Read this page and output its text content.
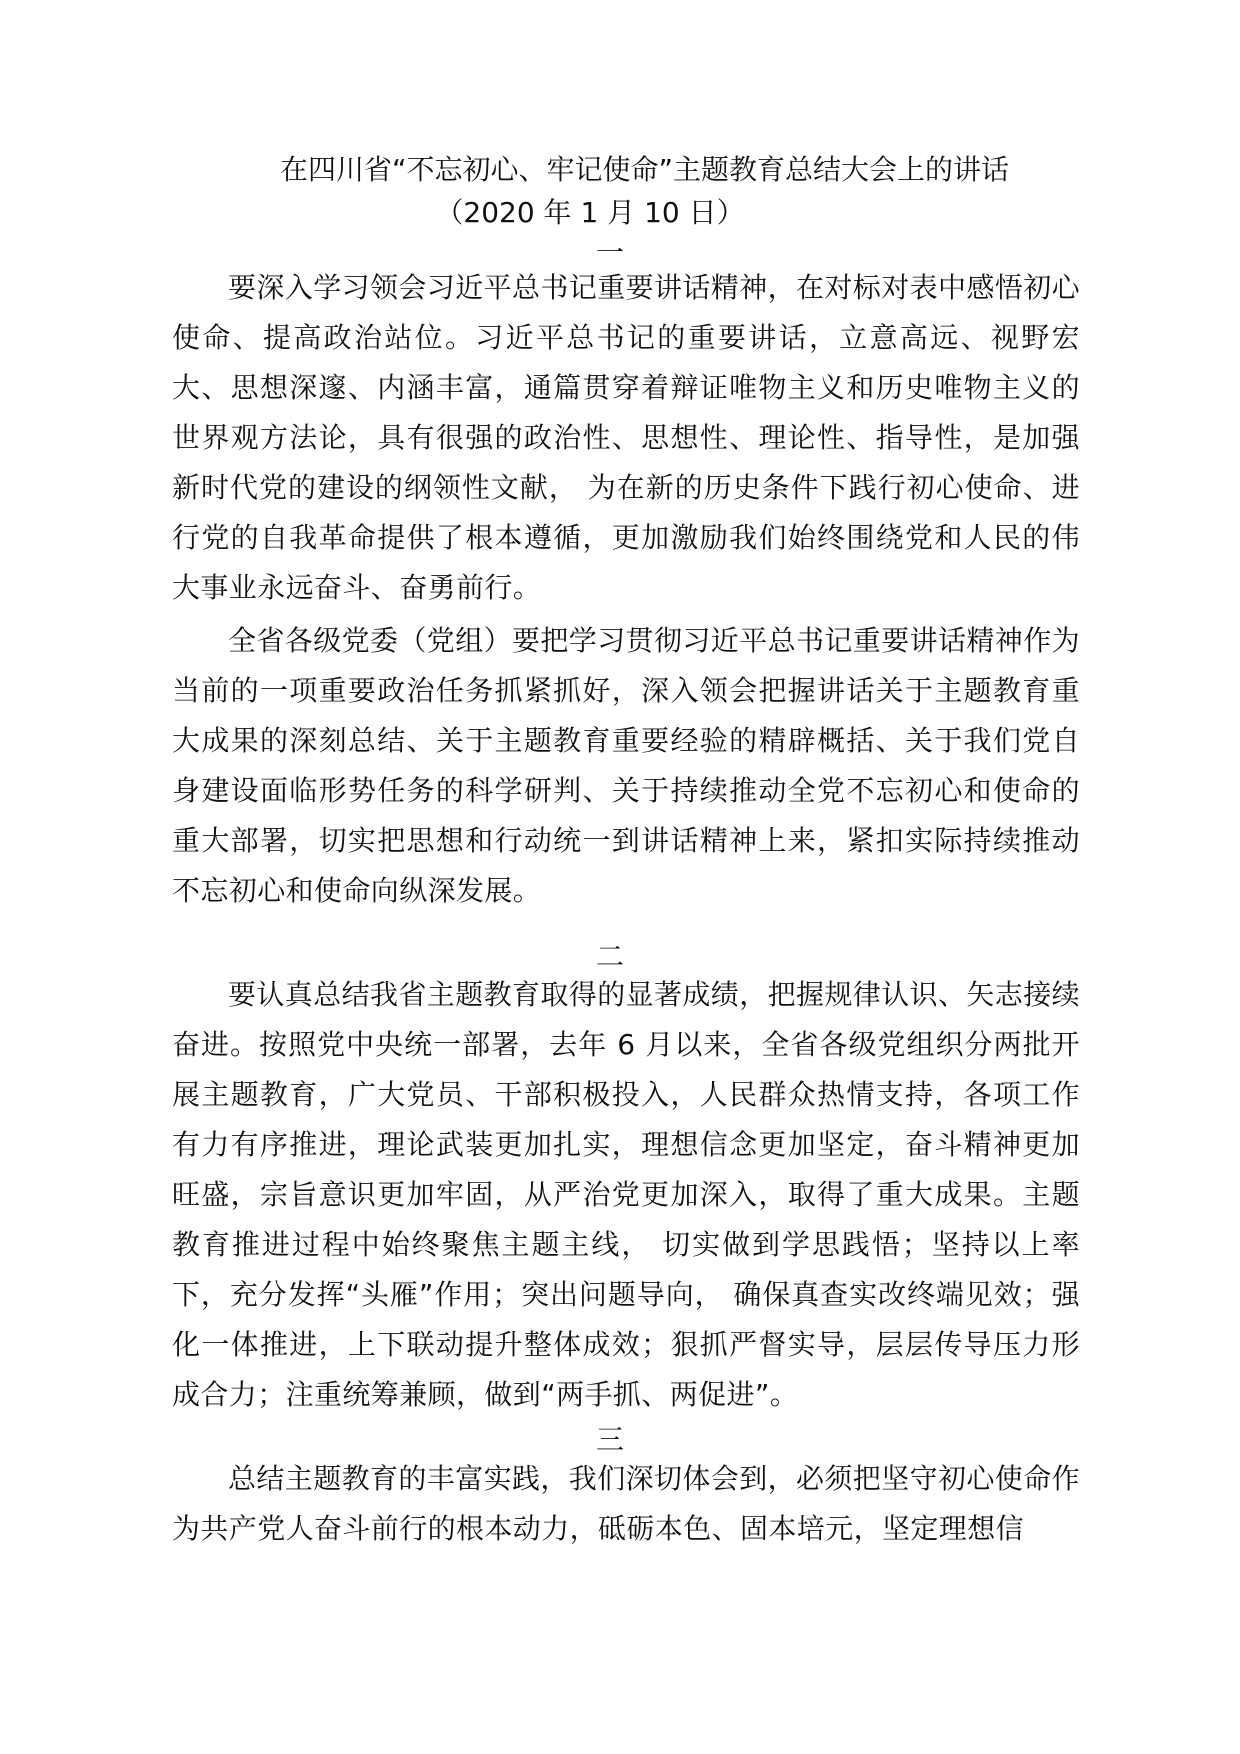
在四川省“不忘初心、牢记使命”主题教育总结大会上的讲话
（2020 年 1 月 10 日）
一
要深入学习领会习近平总书记重要讲话精神，在对标对表中感悟初心使命、提高政治站位。习近平总书记的重要讲话，立意高远、视野宏大、思想深邃、内涵丰富，通篇贯穿着辩证唯物主义和历史唯物主义的世界观方法论，具有很强的政治性、思想性、理论性、指导性，是加强新时代党的建设的纲领性文献， 为在新的历史条件下践行初心使命、进行党的自我革命提供了根本遵循，更加激励我们始终围绕党和人民的伟大事业永远奋斗、奋勇前行。
全省各级党委（党组）要把学习贯彻习近平总书记重要讲话精神作为当前的一项重要政治任务抓紧抓好，深入领会把握讲话关于主题教育重大成果的深刻总结、关于主题教育重要经验的精辟概括、关于我们党自身建设面临形势任务的科学研判、关于持续推动全党不忘初心和使命的重大部署，切实把思想和行动统一到讲话精神上来，紧扣实际持续推动不忘初心和使命向纵深发展。
二
要认真总结我省主题教育取得的显著成绩，把握规律认识、矢志接续奋进。按照党中央统一部署，去年 6 月以来，全省各级党组织分两批开展主题教育，广大党员、干部积极投入，人民群众热情支持，各项工作有力有序推进，理论武装更加扎实，理想信念更加坚定，奋斗精神更加旺盛，宗旨意识更加牢固，从严治党更加深入，取得了重大成果。主题教育推进过程中始终聚焦主题主线， 切实做到学思践悟；坚持以上率下，充分发挥“头雁”作用；突出问题导向， 确保真查实改终端见效；强化一体推进，上下联动提升整体成效；狠抓严督实导，层层传导压力形成合力；注重统筹兼顾，做到“两手抓、两促进”。
三
总结主题教育的丰富实践，我们深切体会到，必须把坚守初心使命作为共产党人奋斗前行的根本动力，砥砺本色、固本培元，坚定理想信
